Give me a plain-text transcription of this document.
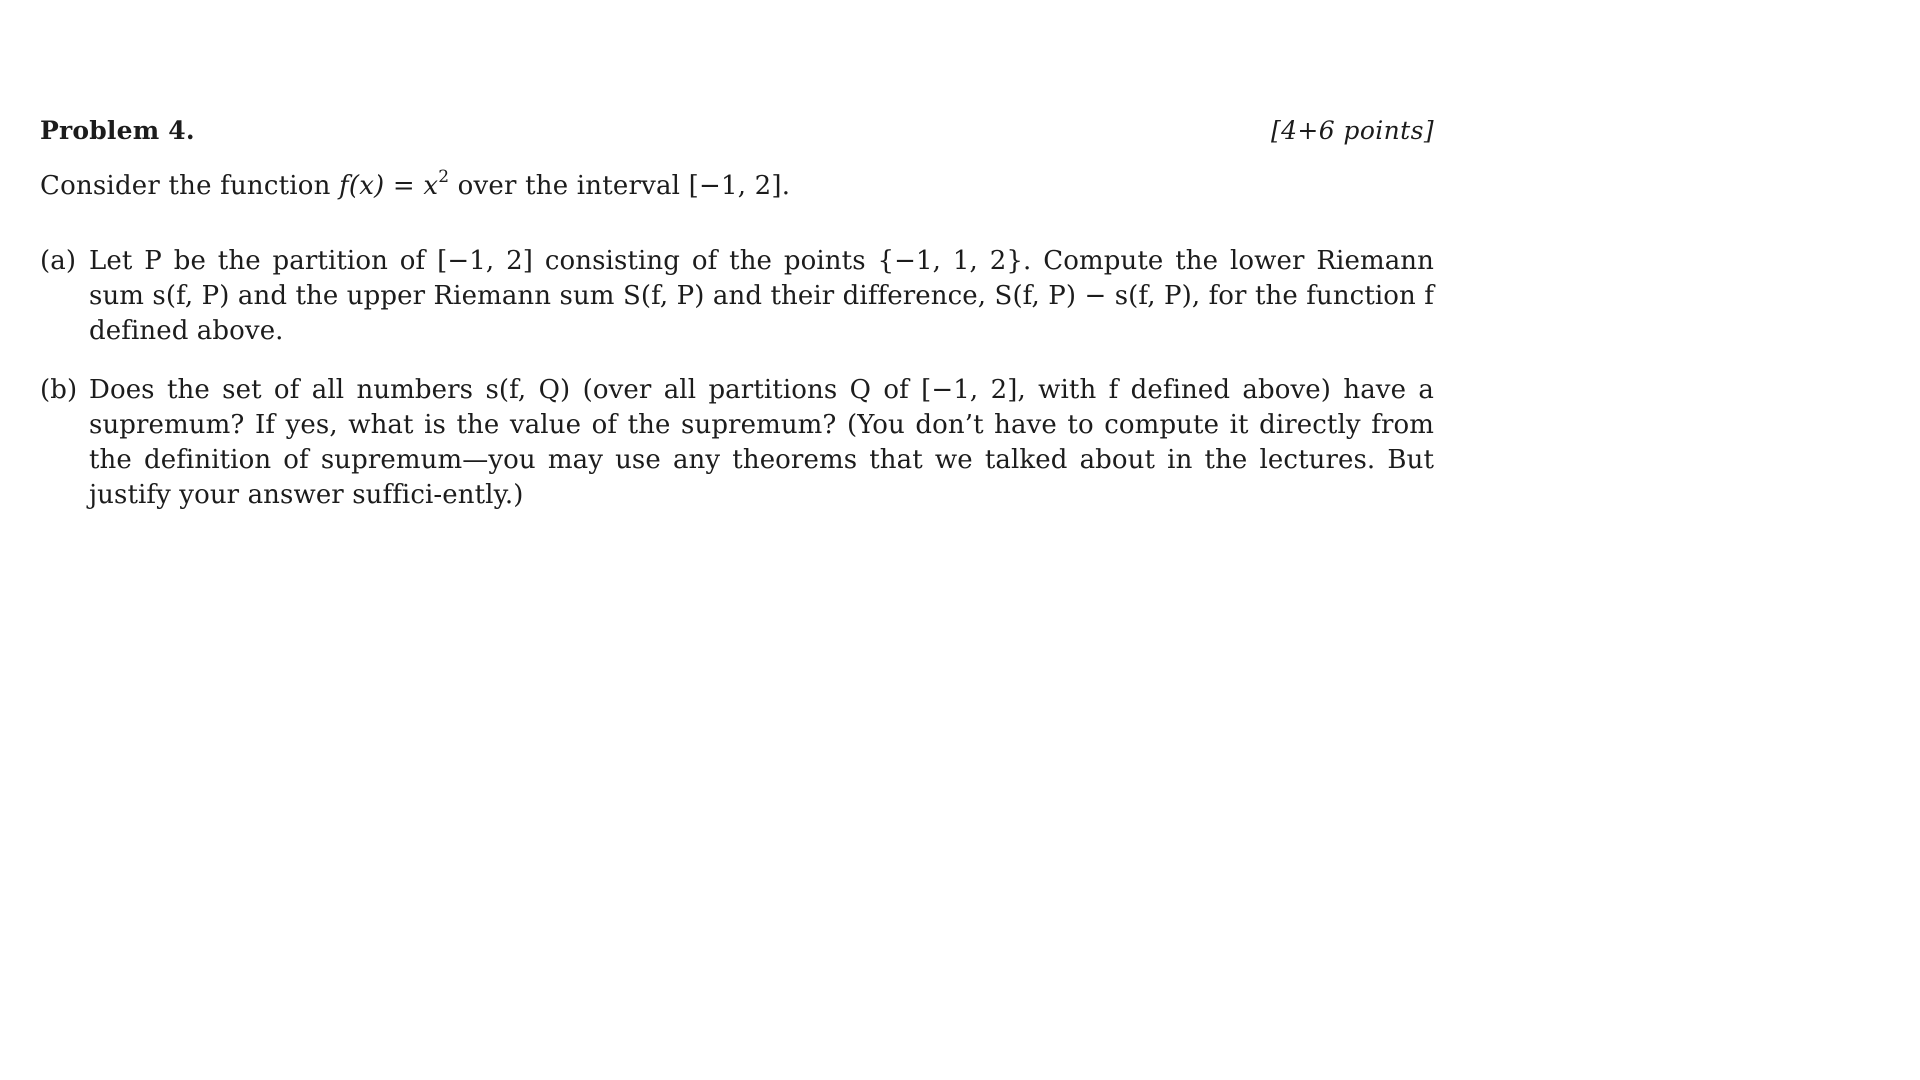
Problem 4.	[4+6 points]
Consider the function $f(x) = x^2$ over the interval [−1, 2].
(a) Let P be the partition of [−1, 2] consisting of the points {−1, 1, 2}. Compute the lower Riemann sum s(f, P) and the upper Riemann sum S(f, P) and their difference, S(f, P) − s(f, P), for the function f defined above.
(b) Does the set of all numbers s(f, Q) (over all partitions Q of [−1, 2], with f defined above) have a supremum? If yes, what is the value of the supremum? (You don’t have to compute it directly from the definition of supremum—you may use any theorems that we talked about in the lectures. But justify your answer suffici-ently.)
